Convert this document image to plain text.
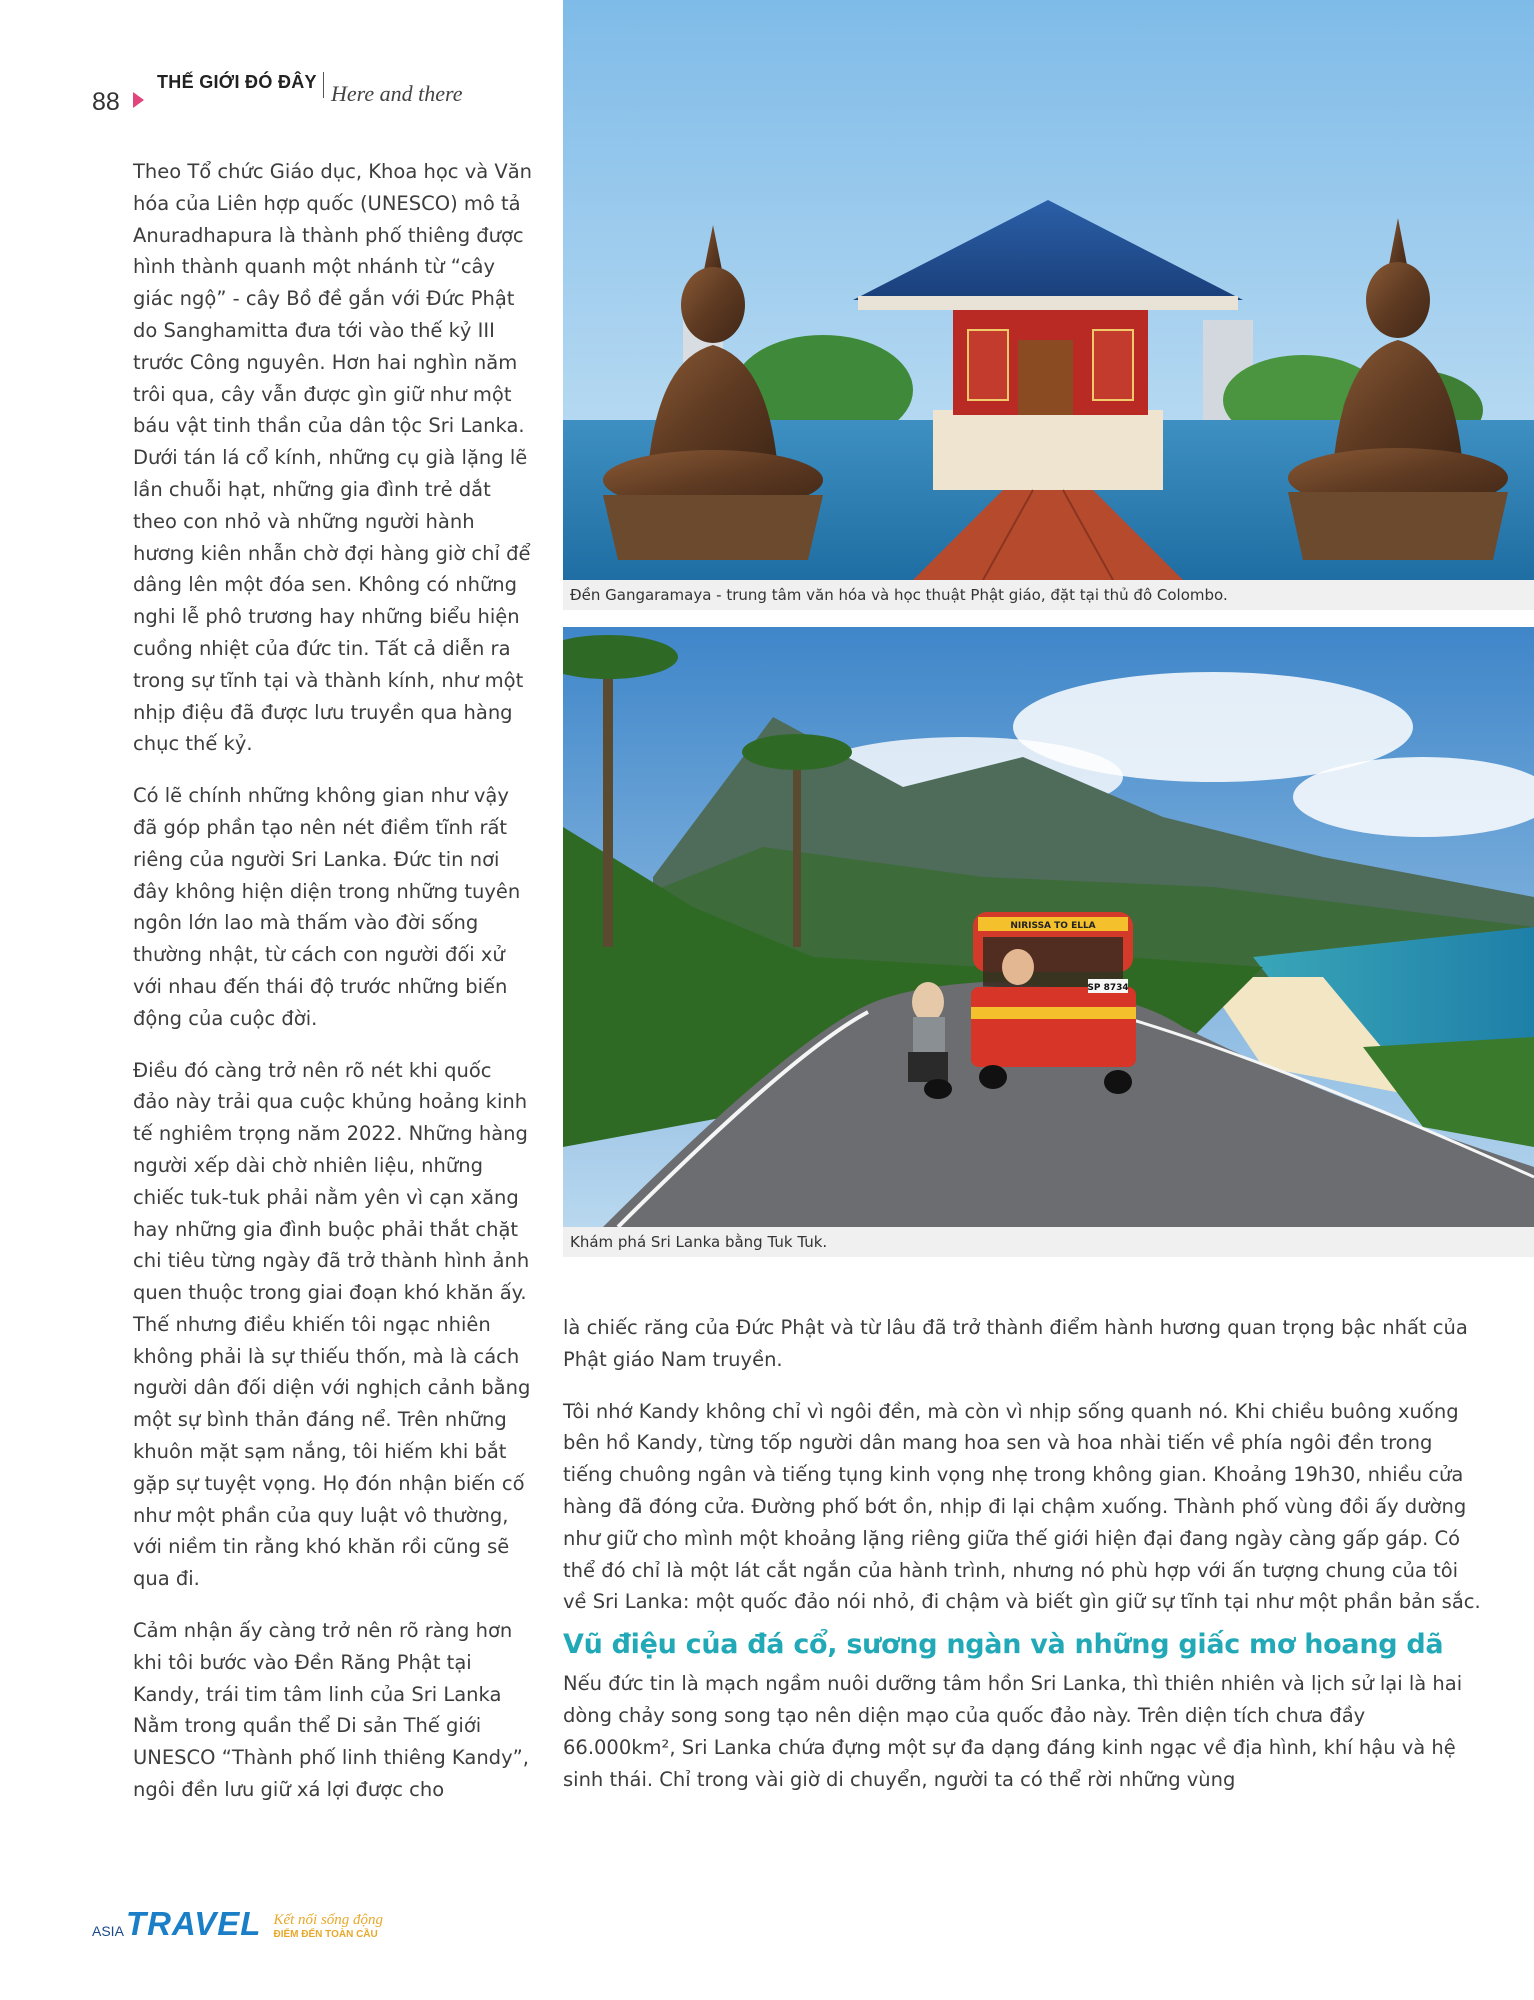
88
THẾ GIỚI ĐÓ ĐÂY Here and there

Theo Tổ chức Giáo dục, Khoa học và Văn hóa của Liên hợp quốc (UNESCO) mô tả Anuradhapura là thành phố thiêng được hình thành quanh một nhánh từ “cây giác ngộ” - cây Bồ đề gắn với Đức Phật do Sanghamitta đưa tới vào thế kỷ III trước Công nguyên. Hơn hai nghìn năm trôi qua, cây vẫn được gìn giữ như một báu vật tinh thần của dân tộc Sri Lanka. Dưới tán lá cổ kính, những cụ già lặng lẽ lần chuỗi hạt, những gia đình trẻ dắt theo con nhỏ và những người hành hương kiên nhẫn chờ đợi hàng giờ chỉ để dâng lên một đóa sen. Không có những nghi lễ phô trương hay những biểu hiện cuồng nhiệt của đức tin. Tất cả diễn ra trong sự tĩnh tại và thành kính, như một nhịp điệu đã được lưu truyền qua hàng chục thế kỷ.

Có lẽ chính những không gian như vậy đã góp phần tạo nên nét điềm tĩnh rất riêng của người Sri Lanka. Đức tin nơi đây không hiện diện trong những tuyên ngôn lớn lao mà thấm vào đời sống thường nhật, từ cách con người đối xử với nhau đến thái độ trước những biến động của cuộc đời.

Điều đó càng trở nên rõ nét khi quốc đảo này trải qua cuộc khủng hoảng kinh tế nghiêm trọng năm 2022. Những hàng người xếp dài chờ nhiên liệu, những chiếc tuk-tuk phải nằm yên vì cạn xăng hay những gia đình buộc phải thắt chặt chi tiêu từng ngày đã trở thành hình ảnh quen thuộc trong giai đoạn khó khăn ấy. Thế nhưng điều khiến tôi ngạc nhiên không phải là sự thiếu thốn, mà là cách người dân đối diện với nghịch cảnh bằng một sự bình thản đáng nể. Trên những khuôn mặt sạm nắng, tôi hiếm khi bắt gặp sự tuyệt vọng. Họ đón nhận biến cố như một phần của quy luật vô thường, với niềm tin rằng khó khăn rồi cũng sẽ qua đi.

Cảm nhận ấy càng trở nên rõ ràng hơn khi tôi bước vào Đền Răng Phật tại Kandy, trái tim tâm linh của Sri Lanka Nằm trong quần thể Di sản Thế giới UNESCO “Thành phố linh thiêng Kandy”, ngôi đền lưu giữ xá lợi được cho

Đền Gangaramaya - trung tâm văn hóa và học thuật Phật giáo, đặt tại thủ đô Colombo.
NIRISSA TO ELLA
SP 8734
Khám phá Sri Lanka bằng Tuk Tuk.

là chiếc răng của Đức Phật và từ lâu đã trở thành điểm hành hương quan trọng bậc nhất của Phật giáo Nam truyền.

Tôi nhớ Kandy không chỉ vì ngôi đền, mà còn vì nhịp sống quanh nó. Khi chiều buông xuống bên hồ Kandy, từng tốp người dân mang hoa sen và hoa nhài tiến về phía ngôi đền trong tiếng chuông ngân và tiếng tụng kinh vọng nhẹ trong không gian. Khoảng 19h30, nhiều cửa hàng đã đóng cửa. Đường phố bớt ồn, nhịp đi lại chậm xuống. Thành phố vùng đồi ấy dường như giữ cho mình một khoảng lặng riêng giữa thế giới hiện đại đang ngày càng gấp gáp. Có thể đó chỉ là một lát cắt ngắn của hành trình, nhưng nó phù hợp với ấn tượng chung của tôi về Sri Lanka: một quốc đảo nói nhỏ, đi chậm và biết gìn giữ sự tĩnh tại như một phần bản sắc.

Vũ điệu của đá cổ, sương ngàn và những giấc mơ hoang dã

Nếu đức tin là mạch ngầm nuôi dưỡng tâm hồn Sri Lanka, thì thiên nhiên và lịch sử lại là hai dòng chảy song song tạo nên diện mạo của quốc đảo này. Trên diện tích chưa đầy 66.000km², Sri Lanka chứa đựng một sự đa dạng đáng kinh ngạc về địa hình, khí hậu và hệ sinh thái. Chỉ trong vài giờ di chuyển, người ta có thể rời những vùng

ASIA TRAVEL Kết nối sống động
ĐIỂM ĐẾN TOÀN CẦU
